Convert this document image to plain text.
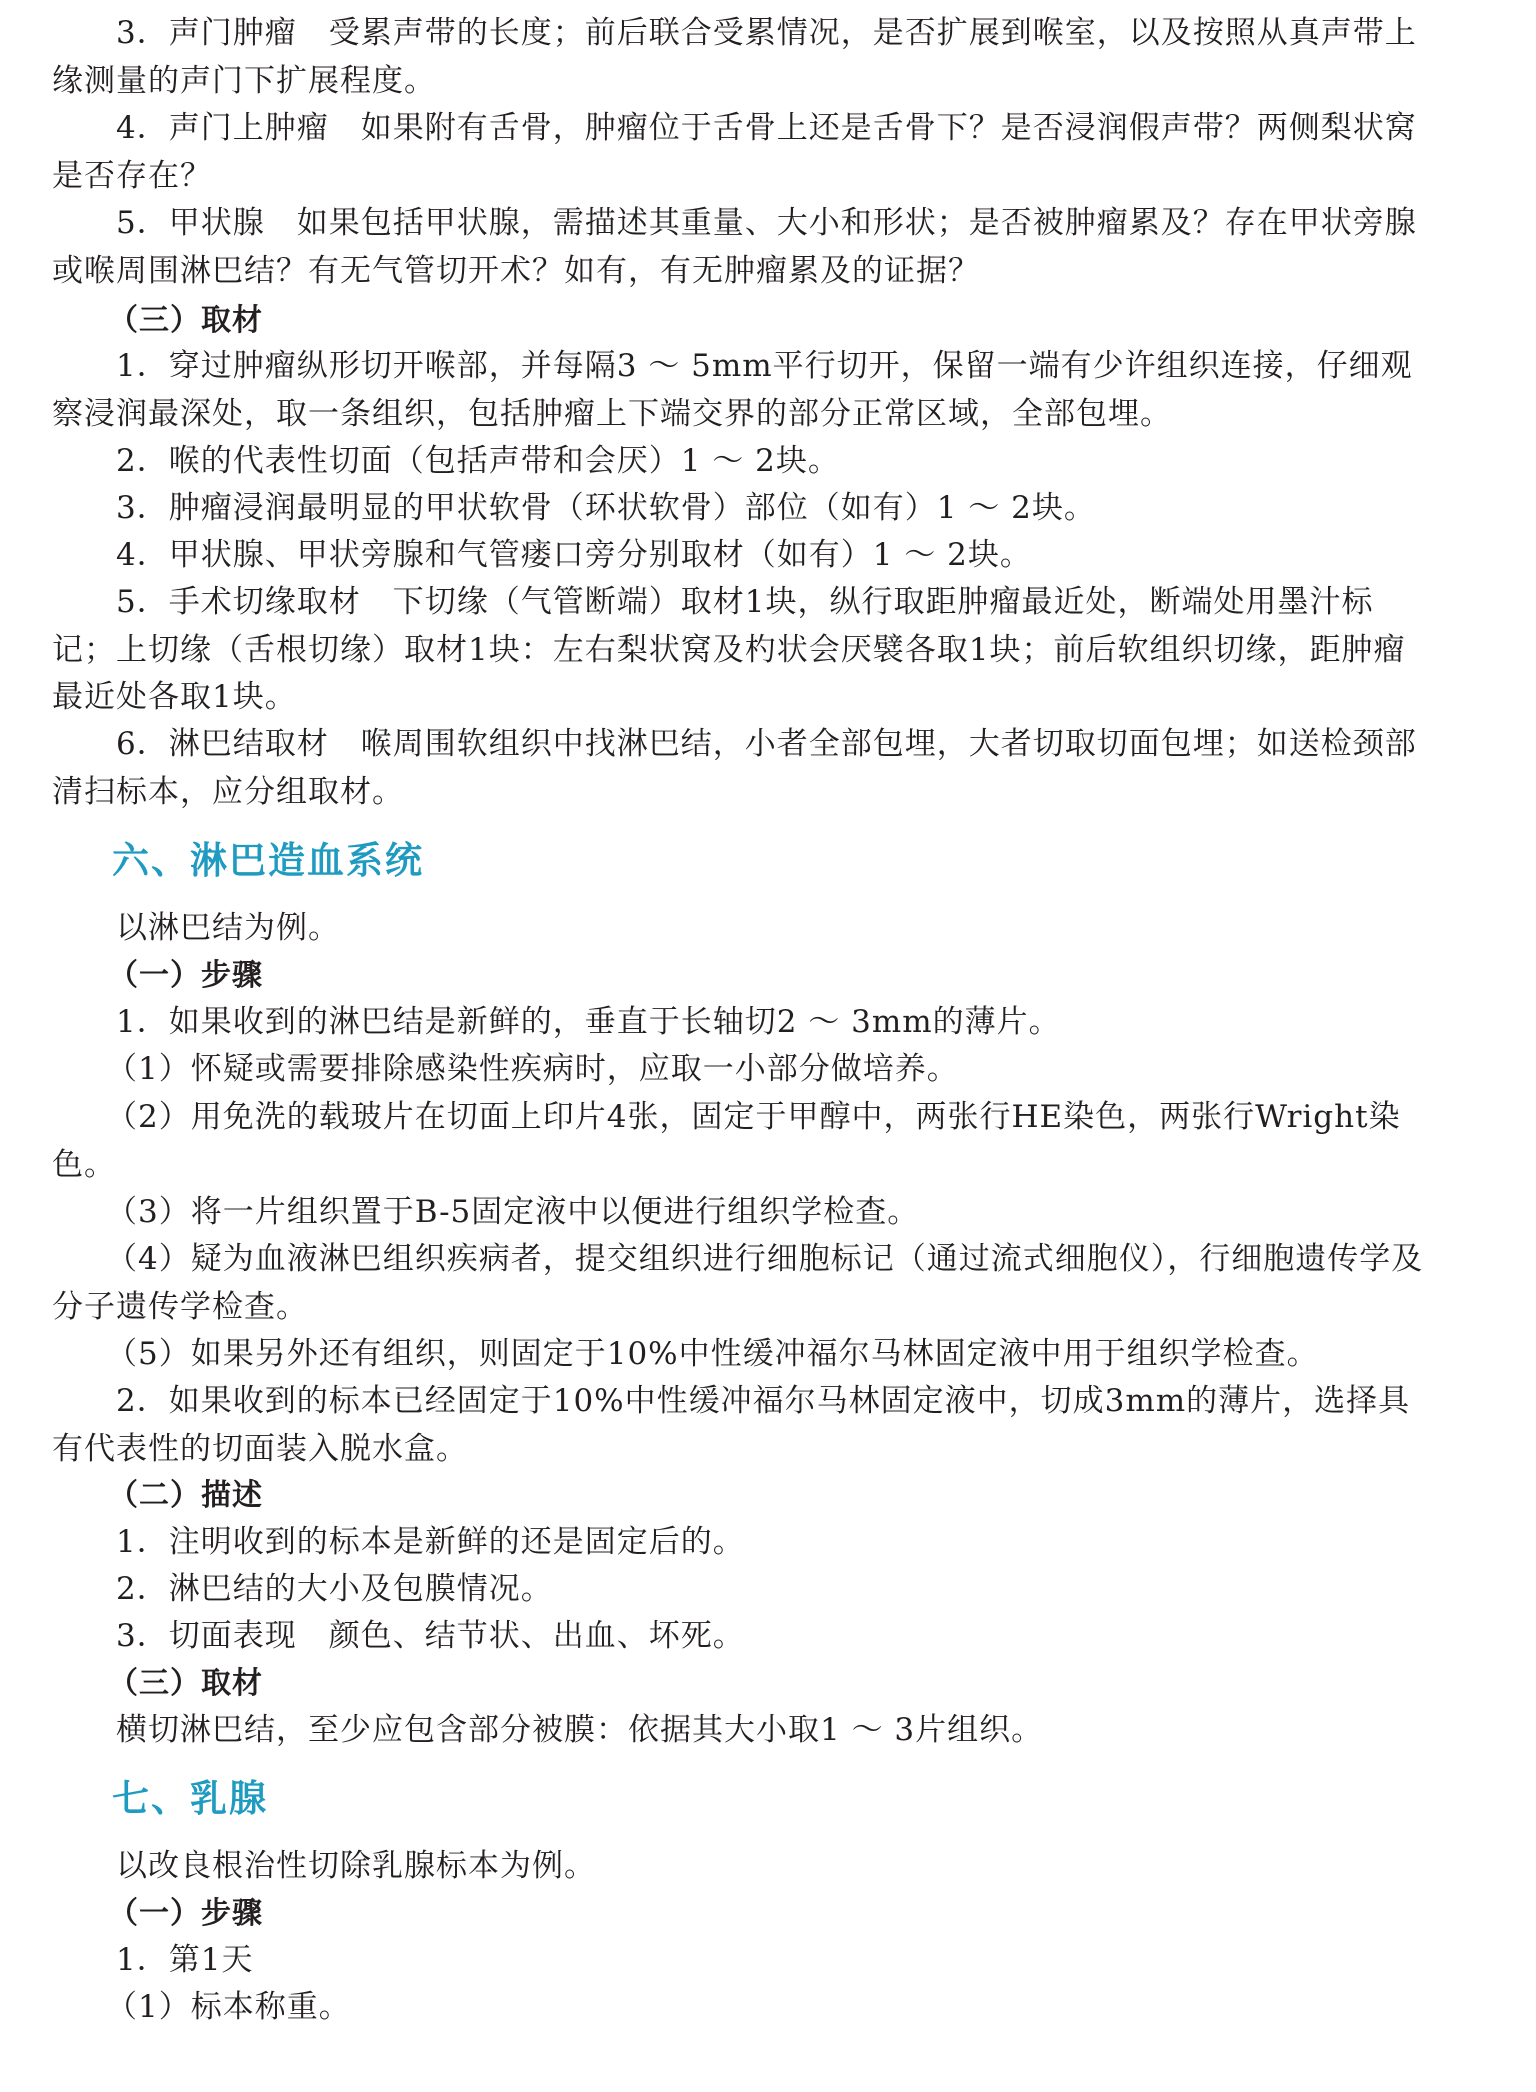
3．声门肿瘤　受累声带的长度；前后联合受累情况，是否扩展到喉室，以及按照从真声带上缘测量的声门下扩展程度。

4．声门上肿瘤　如果附有舌骨，肿瘤位于舌骨上还是舌骨下？是否浸润假声带？两侧梨状窝是否存在？

5．甲状腺　如果包括甲状腺，需描述其重量、大小和形状；是否被肿瘤累及？存在甲状旁腺或喉周围淋巴结？有无气管切开术？如有，有无肿瘤累及的证据？

（三）取材

1．穿过肿瘤纵形切开喉部，并每隔3 ～ 5mm平行切开，保留一端有少许组织连接，仔细观察浸润最深处，取一条组织，包括肿瘤上下端交界的部分正常区域，全部包埋。

2．喉的代表性切面（包括声带和会厌）1 ～ 2块。

3．肿瘤浸润最明显的甲状软骨（环状软骨）部位（如有）1 ～ 2块。

4．甲状腺、甲状旁腺和气管瘘口旁分别取材（如有）1 ～ 2块。

5．手术切缘取材　下切缘（气管断端）取材1块，纵行取距肿瘤最近处，断端处用墨汁标记；上切缘（舌根切缘）取材1块：左右梨状窝及杓状会厌襞各取1块；前后软组织切缘，距肿瘤最近处各取1块。

6．淋巴结取材　喉周围软组织中找淋巴结，小者全部包埋，大者切取切面包埋；如送检颈部清扫标本，应分组取材。

六、淋巴造血系统

以淋巴结为例。

（一）步骤

1．如果收到的淋巴结是新鲜的，垂直于长轴切2 ～ 3mm的薄片。

（1）怀疑或需要排除感染性疾病时，应取一小部分做培养。

（2）用免洗的载玻片在切面上印片4张，固定于甲醇中，两张行HE染色，两张行Wright染色。

（3）将一片组织置于B-5固定液中以便进行组织学检查。

（4）疑为血液淋巴组织疾病者，提交组织进行细胞标记（通过流式细胞仪），行细胞遗传学及分子遗传学检查。

（5）如果另外还有组织，则固定于10%中性缓冲福尔马林固定液中用于组织学检查。

2．如果收到的标本已经固定于10%中性缓冲福尔马林固定液中，切成3mm的薄片，选择具有代表性的切面装入脱水盒。

（二）描述

1．注明收到的标本是新鲜的还是固定后的。

2．淋巴结的大小及包膜情况。

3．切面表现　颜色、结节状、出血、坏死。

（三）取材

横切淋巴结，至少应包含部分被膜：依据其大小取1 ～ 3片组织。

七、乳腺

以改良根治性切除乳腺标本为例。

（一）步骤

1．第1天

（1）标本称重。
